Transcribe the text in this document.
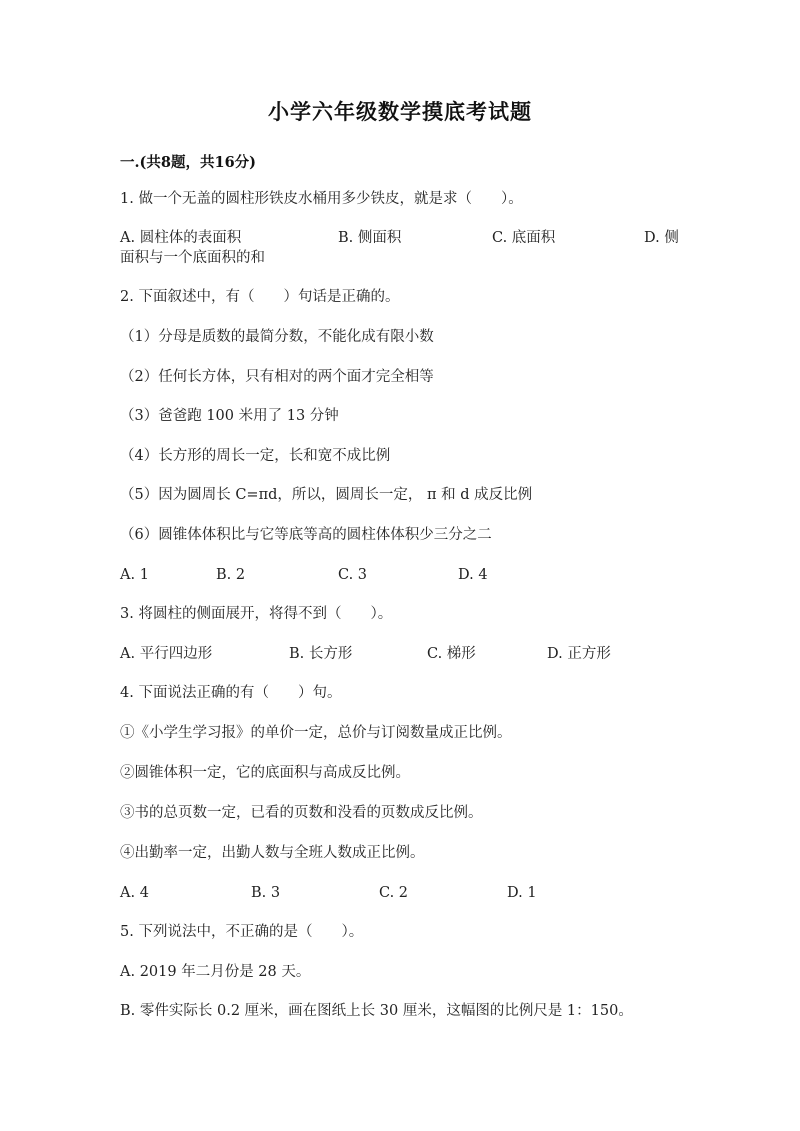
小学六年级数学摸底考试题
一.(共8题，共16分)
1. 做一个无盖的圆柱形铁皮水桶用多少铁皮，就是求（　　）。
A. 圆柱体的表面积	B. 侧面积	C. 底面积	D. 侧
面积与一个底面积的和
2. 下面叙述中，有（　　）句话是正确的。
（1）分母是质数的最简分数，不能化成有限小数
（2）任何长方体，只有相对的两个面才完全相等
（3）爸爸跑 100 米用了 13 分钟
（4）长方形的周长一定，长和宽不成比例
（5）因为圆周长 C=πd，所以，圆周长一定， π 和 d 成反比例
（6）圆锥体体积比与它等底等高的圆柱体体积少三分之二
A. 1	B. 2	C. 3	D. 4
3. 将圆柱的侧面展开，将得不到（　　）。
A. 平行四边形	B. 长方形	C. 梯形	D. 正方形
4. 下面说法正确的有（　　）句。
①《小学生学习报》的单价一定，总价与订阅数量成正比例。
②圆锥体积一定，它的底面积与高成反比例。
③书的总页数一定，已看的页数和没看的页数成反比例。
④出勤率一定，出勤人数与全班人数成正比例。
A. 4	B. 3	C. 2	D. 1
5. 下列说法中，不正确的是（　　）。
A. 2019 年二月份是 28 天。
B. 零件实际长 0.2 厘米，画在图纸上长 30 厘米，这幅图的比例尺是 1：150。
